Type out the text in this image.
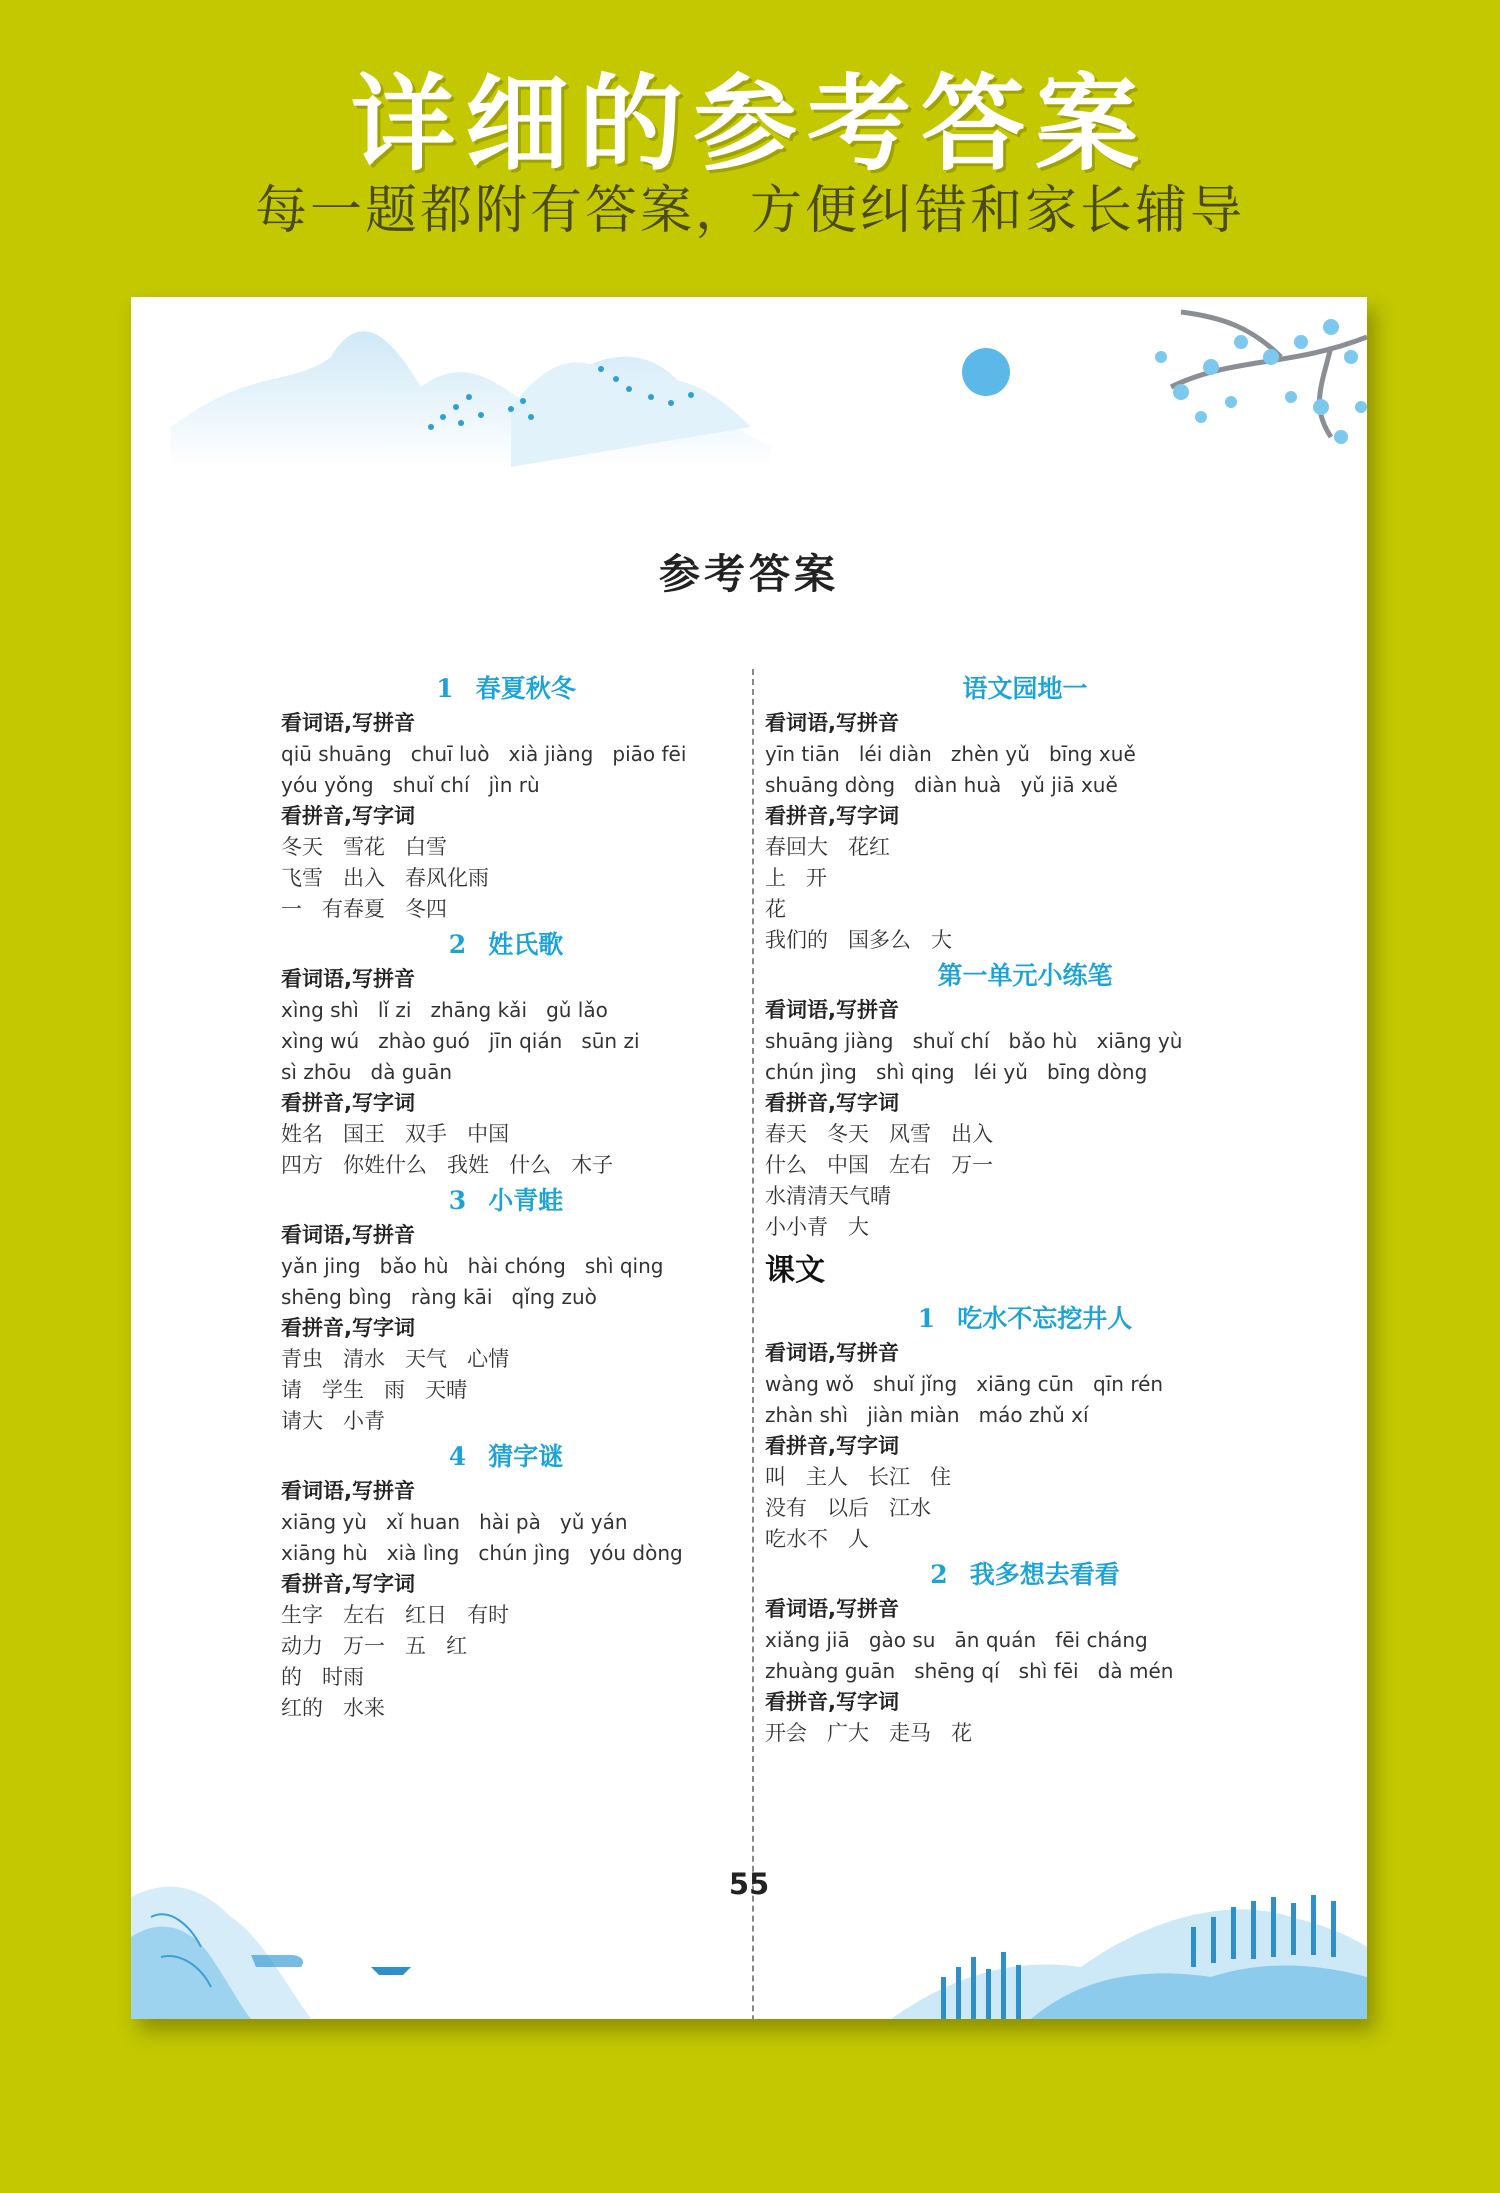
详细的参考答案
每一题都附有答案，方便纠错和家长辅导
参考答案
1 春夏秋冬
看词语,写拼音
qiū shuāng   chuī luò   xià jiàng   piāo fēi
yóu yǒng   shuǐ chí   jìn rù
看拼音,写字词
冬天   雪花   白雪
飞雪   出入   春风化雨
一   有春夏   冬四
2 姓氏歌
看词语,写拼音
xìng shì   lǐ zi   zhāng kǎi   gǔ lǎo
xìng wú   zhào guó   jīn qián   sūn zi
sì zhōu   dà guān
看拼音,写字词
姓名   国王   双手   中国
四方   你姓什么   我姓   什么   木子
3 小青蛙
看词语,写拼音
yǎn jing   bǎo hù   hài chóng   shì qing
shēng bìng   ràng kāi   qǐng zuò
看拼音,写字词
青虫   清水   天气   心情
请   学生   雨   天晴
请大   小青
4 猜字谜
看词语,写拼音
xiāng yù   xǐ huan   hài pà   yǔ yán
xiāng hù   xià lìng   chún jìng   yóu dòng
看拼音,写字词
生字   左右   红日   有时
动力   万一   五   红
的   时雨
红的   水来
语文园地一
看词语,写拼音
yīn tiān   léi diàn   zhèn yǔ   bīng xuě
shuāng dòng   diàn huà   yǔ jiā xuě
看拼音,写字词
春回大   花红
上   开
花
我们的   国多么   大
第一单元小练笔
看词语,写拼音
shuāng jiàng   shuǐ chí   bǎo hù   xiāng yù
chún jìng   shì qing   léi yǔ   bīng dòng
看拼音,写字词
春天   冬天   风雪   出入
什么   中国   左右   万一
水清清天气晴
小小青   大
课文
1 吃水不忘挖井人
看词语,写拼音
wàng wǒ   shuǐ jǐng   xiāng cūn   qīn rén
zhàn shì   jiàn miàn   máo zhǔ xí
看拼音,写字词
叫   主人   长江   住
没有   以后   江水
吃水不   人
2 我多想去看看
看词语,写拼音
xiǎng jiā   gào su   ān quán   fēi cháng
zhuàng guān   shēng qí   shì fēi   dà mén
看拼音,写字词
开会   广大   走马   花
55
